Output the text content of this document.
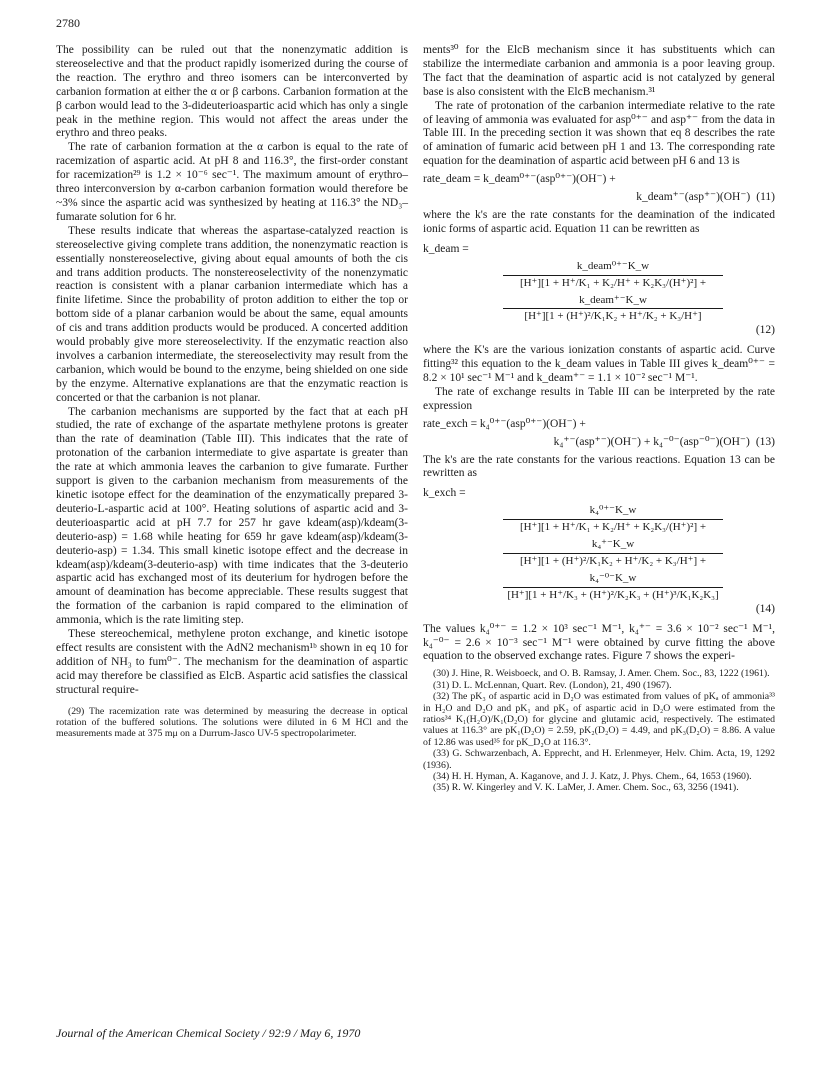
2780

The possibility can be ruled out that the nonenzymatic addition is stereoselective and that the product rapidly isomerized during the course of the reaction. The erythro and threo isomers can be interconverted by carbanion formation at either the α or β carbons. Carbanion formation at the β carbon would lead to the 3-dideuterioaspartic acid which has only a single peak in the methine region. This would not affect the areas under the erythro and threo peaks.

The rate of carbanion formation at the α carbon is equal to the rate of racemization of aspartic acid. At pH 8 and 116.3°, the first-order constant for racemization²⁹ is 1.2 × 10⁻⁶ sec⁻¹. The maximum amount of erythro–threo interconversion by α-carbon carbanion formation would therefore be ~3% since the aspartic acid was synthesized by heating at 116.3° the ND₃–fumarate solution for 6 hr.

These results indicate that whereas the aspartase-catalyzed reaction is stereoselective giving complete trans addition, the nonenzymatic reaction is essentially nonstereoselective, giving about equal amounts of both the cis and trans addition products. The nonstereoselectivity of the nonenzymatic reaction is consistent with a planar carbanion intermediate which has a finite lifetime. Since the probability of proton addition to either the top or bottom side of a planar carbanion would be about the same, equal amounts of cis and trans addition products would be produced. A concerted addition would probably give more stereoselectivity. If the enzymatic reaction also involves a carbanion intermediate, the stereoselectivity may result from the carbanion, which would be bound to the enzyme, being shielded on one side by the enzyme. Alternative explanations are that the enzymatic reaction is concerted or that the carbanion is not planar.

The carbanion mechanisms are supported by the fact that at each pH studied, the rate of exchange of the aspartate methylene protons is greater than the rate of deamination (Table III). This indicates that the rate of protonation of the carbanion intermediate to give aspartate is greater than the rate at which ammonia leaves the carbanion to give fumarate. Further support is given to the carbanion mechanism from measurements of the kinetic isotope effect for the deamination of the enzymatically prepared 3-deuterio-L-aspartic acid at 100°. Heating solutions of aspartic acid and 3-deuterioaspartic acid at pH 7.7 for 257 hr gave kdeam(asp)/kdeam(3-deuterio-asp) = 1.68 while heating for 659 hr gave kdeam(asp)/kdeam(3-deuterio-asp) = 1.34. This small kinetic isotope effect and the decrease in kdeam(asp)/kdeam(3-deuterio-asp) with time indicates that the 3-deuterio aspartic acid has exchanged most of its deuterium for hydrogen before the amount of deamination has become appreciable. These results suggest that the formation of the carbanion is rapid compared to the elimination of ammonia, which is the rate limiting step.

These stereochemical, methylene proton exchange, and kinetic isotope effect results are consistent with the AdN2 mechanism¹ᵇ shown in eq 10 for addition of NH₃ to fum⁰⁻. The mechanism for the deamination of aspartic acid may therefore be classified as ElcB. Aspartic acid satisfies the classical structural require-

(29) The racemization rate was determined by measuring the decrease in optical rotation of the buffered solutions. The solutions were diluted in 6 M HCl and the measurements made at 375 mμ on a Durrum-Jasco UV-5 spectropolarimeter.

ments³⁰ for the ElcB mechanism since it has substituents which can stabilize the intermediate carbanion and ammonia is a poor leaving group. The fact that the deamination of aspartic acid is not catalyzed by general base is also consistent with the ElcB mechanism.³¹

The rate of protonation of the carbanion intermediate relative to the rate of leaving of ammonia was evaluated for asp⁰⁺⁻ and asp⁺⁻ from the data in Table III. In the preceding section it was shown that eq 8 describes the rate of amination of fumaric acid between pH 1 and 13. The corresponding rate equation for the deamination of aspartic acid between pH 6 and 13 is

rate_deam = k_deam⁰⁺⁻(asp⁰⁺⁻)(OH⁻) +
k_deam⁺⁻(asp⁺⁻)(OH⁻) (11)

where the k's are the rate constants for the deamination of the indicated ionic forms of aspartic acid. Equation 11 can be rewritten as

k_deam =
k_deam⁰⁺⁻K_w
[H⁺][1 + H⁺/K₁ + K₂/H⁺ + K₂K₃/(H⁺)²] +
k_deam⁺⁻K_w
[H⁺][1 + (H⁺)²/K₁K₂ + H⁺/K₂ + K₃/H⁺]
(12)

where the K's are the various ionization constants of aspartic acid. Curve fitting³² this equation to the k_deam values in Table III gives k_deam⁰⁺⁻ = 8.2 × 10¹ sec⁻¹ M⁻¹ and k_deam⁺⁻ = 1.1 × 10⁻² sec⁻¹ M⁻¹.

The rate of exchange results in Table III can be interpreted by the rate expression

rate_exch = k₄⁰⁺⁻(asp⁰⁺⁻)(OH⁻) +
k₄⁺⁻(asp⁺⁻)(OH⁻) + k₄⁻⁰⁻(asp⁻⁰⁻)(OH⁻) (13)

The k's are the rate constants for the various reactions. Equation 13 can be rewritten as

k_exch =
k₄⁰⁺⁻K_w
[H⁺][1 + H⁺/K₁ + K₂/H⁺ + K₂K₃/(H⁺)²] +
k₄⁺⁻K_w
[H⁺][1 + (H⁺)²/K₁K₂ + H⁺/K₂ + K₃/H⁺] +
k₄⁻⁰⁻K_w
[H⁺][1 + H⁺/K₃ + (H⁺)²/K₂K₃ + (H⁺)³/K₁K₂K₃]
(14)

The values k₄⁰⁺⁻ = 1.2 × 10³ sec⁻¹ M⁻¹, k₄⁺⁻ = 3.6 × 10⁻² sec⁻¹ M⁻¹, k₄⁻⁰⁻ = 2.6 × 10⁻³ sec⁻¹ M⁻¹ were obtained by curve fitting the above equation to the observed exchange rates. Figure 7 shows the experi-

(30) J. Hine, R. Weisboeck, and O. B. Ramsay, J. Amer. Chem. Soc., 83, 1222 (1961).

(31) D. L. McLennan, Quart. Rev. (London), 21, 490 (1967).

(32) The pK₃ of aspartic acid in D₂O was estimated from values of pKₐ of ammonia³³ in H₂O and D₂O and pK₁ and pK₂ of aspartic acid in D₂O were estimated from the ratios³⁴ K₁(H₂O)/K₁(D₂O) for glycine and glutamic acid, respectively. The estimated values at 116.3° are pK₁(D₂O) = 2.59, pK₂(D₂O) = 4.49, and pK₃(D₂O) = 8.86. A value of 12.86 was used³⁵ for pK_D₂O at 116.3°.

(33) G. Schwarzenbach, A. Epprecht, and H. Erlenmeyer, Helv. Chim. Acta, 19, 1292 (1936).

(34) H. H. Hyman, A. Kaganove, and J. J. Katz, J. Phys. Chem., 64, 1653 (1960).

(35) R. W. Kingerley and V. K. LaMer, J. Amer. Chem. Soc., 63, 3256 (1941).

Journal of the American Chemical Society / 92:9 / May 6, 1970
